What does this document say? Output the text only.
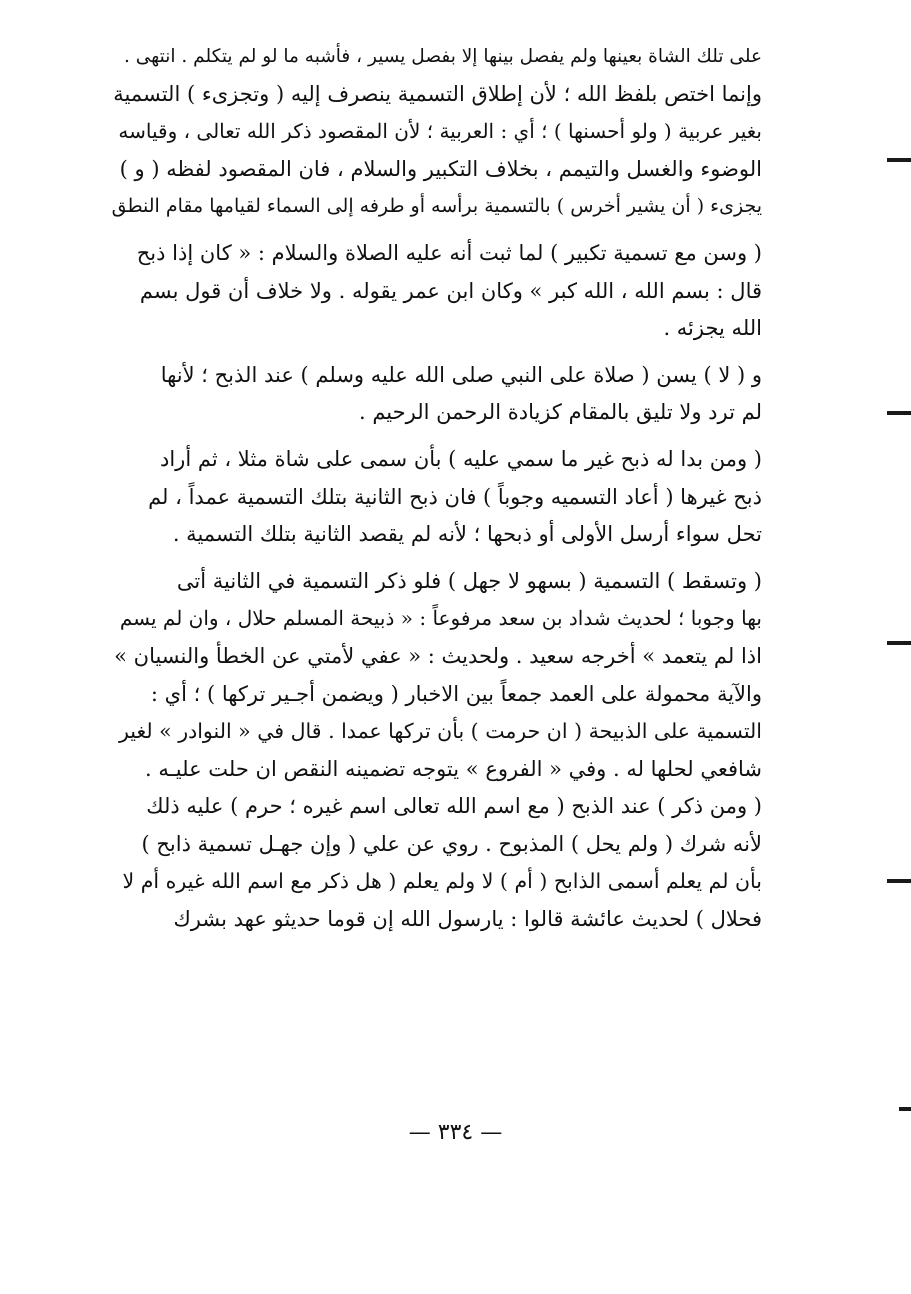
على تلك الشاة بعينها ولم يفصل بينها إلا بفصل يسير ، فأشبه ما لو لم يتكلم . انتهى .
وإنما اختص بلفظ الله ؛ لأن إطلاق التسمية ينصرف إليه ( وتجزىء ) التسمية
بغير عربية ( ولو أحسنها ) ؛ أي : العربية ؛ لأن المقصود ذكر الله تعالى ، وقياسه
الوضوء والغسل والتيمم ، بخلاف التكبير والسلام ، فان المقصود لفظه ( و )
يجزىء ( أن يشير أخرس ) بالتسمية برأسه أو طرفه إلى السماء لقيامها مقام النطق
( وسن مع تسمية تكبير ) لما ثبت أنه عليه الصلاة والسلام : « كان إذا ذبح
قال : بسم الله ، الله كبر » وكان ابن عمر يقوله . ولا خلاف أن قول بسم
الله يجزئه .
و ( لا ) يسن ( صلاة على النبي صلى الله عليه وسلم ) عند الذبح ؛ لأنها
لم ترد ولا تليق بالمقام كزيادة الرحمن الرحيم .
( ومن بدا له ذبح غير ما سمي عليه ) بأن سمى على شاة مثلا ، ثم أراد
ذبح غيرها ( أعاد التسميه وجوباً ) فان ذبح الثانية بتلك التسمية عمداً ، لم
تحل سواء أرسل الأولى أو ذبحها ؛ لأنه لم يقصد الثانية بتلك التسمية .
( وتسقط ) التسمية ( بسهو لا جهل ) فلو ذكر التسمية في الثانية أتى
بها وجوبا ؛ لحديث شداد بن سعد مرفوعاً : « ذبيحة المسلم حلال ، وان لم يسم
اذا لم يتعمد » أخرجه سعيد . ولحديث : « عفي لأمتي عن الخطأ والنسيان »
والآية محمولة على العمد جمعاً بين الاخبار ( ويضمن أجـير تركها ) ؛ أي :
التسمية على الذبيحة ( ان حرمت ) بأن تركها عمدا . قال في « النوادر » لغير
شافعي لحلها له . وفي « الفروع » يتوجه تضمينه النقص ان حلت عليـه .
( ومن ذكر ) عند الذبح ( مع اسم الله تعالى اسم غيره ؛ حرم ) عليه ذلك
لأنه شرك ( ولم يحل ) المذبوح . روي عن علي ( وإن جهـل تسمية ذابح )
بأن لم يعلم أسمى الذابح ( أم ) لا ولم يعلم ( هل ذكر مع اسم الله غيره أم لا
فحلال ) لحديث عائشة قالوا : يارسول الله إن قوما حديثو عهد بشرك
— ٣٣٤ —
